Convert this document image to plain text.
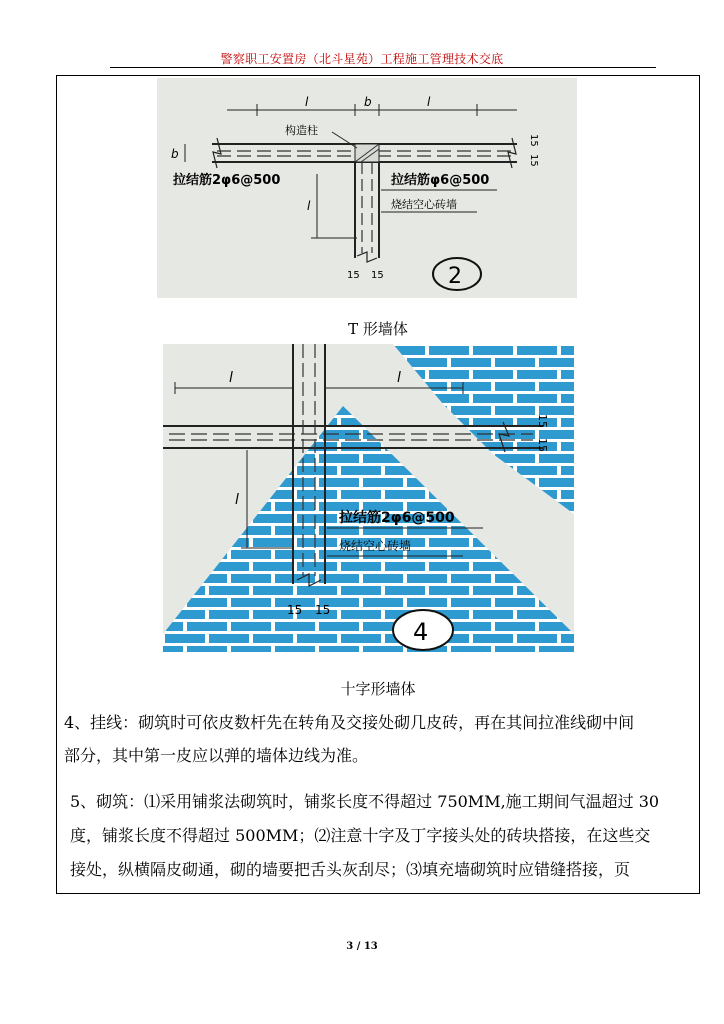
警察职工安置房（北斗星苑）工程施工管理技术交底
l	b	l
b
15
15
构造柱
拉结筋2φ6@500	拉结筋φ6@500
烧结空心砖墙
l
15 15	2
T 形墙体
l	l
15
15
l
拉结筋2φ6@500
烧结空心砖墙
15 15
4
十字形墙体

4、挂线：砌筑时可依皮数杆先在转角及交接处砌几皮砖，再在其间拉准线砌中间

部分，其中第一皮应以弹的墙体边线为准。

5、砌筑：⑴采用铺浆法砌筑时，铺浆长度不得超过 750MM,施工期间气温超过 30

度，铺浆长度不得超过 500MM；⑵注意十字及丁字接头处的砖块搭接，在这些交

接处，纵横隔皮砌通，砌的墙要把舌头灰刮尽；⑶填充墙砌筑时应错缝搭接，页

3 / 13
